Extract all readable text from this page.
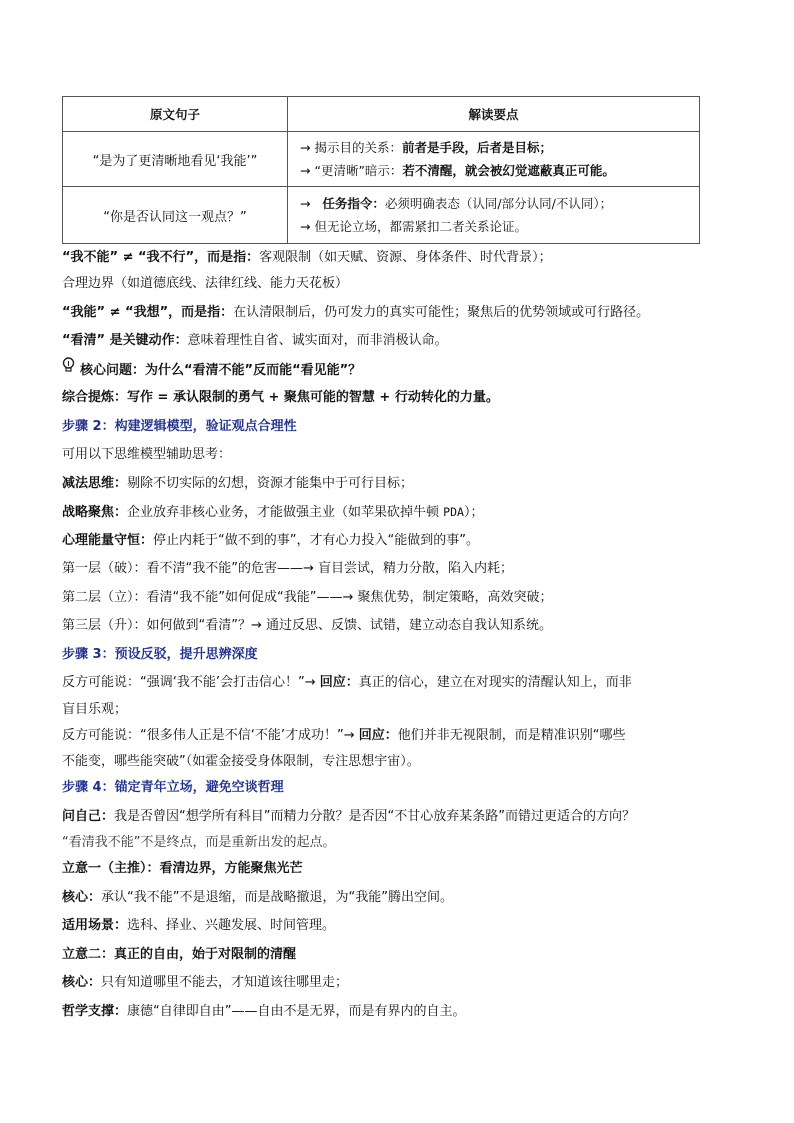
原文句子	解读要点
“是为了更清晰地看见‘我能’”	→ 揭示目的关系：前者是手段，后者是目标；
→ “更清晰”暗示：若不清醒，就会被幻觉遮蔽真正可能。

“你是否认同这一观点？”	→ 任务指令：必须明确表态（认同/部分认同/不认同）；
→ 但无论立场，都需紧扣二者关系论证。
“我不能” ≠ “我不行”，而是指：客观限制（如天赋、资源、身体条件、时代背景）；
合理边界（如道德底线、法律红线、能力天花板）
“我能” ≠ “我想”，而是指：在认清限制后，仍可发力的真实可能性；聚焦后的优势领域或可行路径。
“看清” 是关键动作：意味着理性自省、诚实面对，而非消极认命。
核心问题：为什么“看清不能”反而能“看见能”？
综合提炼：写作 = 承认限制的勇气 + 聚焦可能的智慧 + 行动转化的力量。
步骤 2：构建逻辑模型，验证观点合理性
可用以下思维模型辅助思考：
减法思维：剔除不切实际的幻想，资源才能集中于可行目标；
战略聚焦：企业放弃非核心业务，才能做强主业（如苹果砍掉牛顿 PDA）；
心理能量守恒：停止内耗于“做不到的事”，才有心力投入“能做到的事”。
第一层（破）：看不清“我不能”的危害——→ 盲目尝试，精力分散，陷入内耗；
第二层（立）：看清“我不能”如何促成“我能”——→ 聚焦优势，制定策略，高效突破；
第三层（升）：如何做到“看清”？→ 通过反思、反馈、试错，建立动态自我认知系统。
步骤 3：预设反驳，提升思辨深度
反方可能说：“强调‘我不能’会打击信心！”→ 回应：真正的信心，建立在对现实的清醒认知上，而非
盲目乐观；
反方可能说：“很多伟人正是不信‘不能’才成功！”→ 回应：他们并非无视限制，而是精准识别“哪些
不能变，哪些能突破”（如霍金接受身体限制，专注思想宇宙）。
步骤 4：锚定青年立场，避免空谈哲理
问自己：我是否曾因“想学所有科目”而精力分散？是否因“不甘心放弃某条路”而错过更适合的方向？
“看清我不能”不是终点，而是重新出发的起点。
立意一（主推）：看清边界，方能聚焦光芒
核心：承认“我不能”不是退缩，而是战略撤退，为“我能”腾出空间。
适用场景：选科、择业、兴趣发展、时间管理。
立意二：真正的自由，始于对限制的清醒
核心：只有知道哪里不能去，才知道该往哪里走；
哲学支撑：康德“自律即自由”——自由不是无界，而是有界内的自主。
